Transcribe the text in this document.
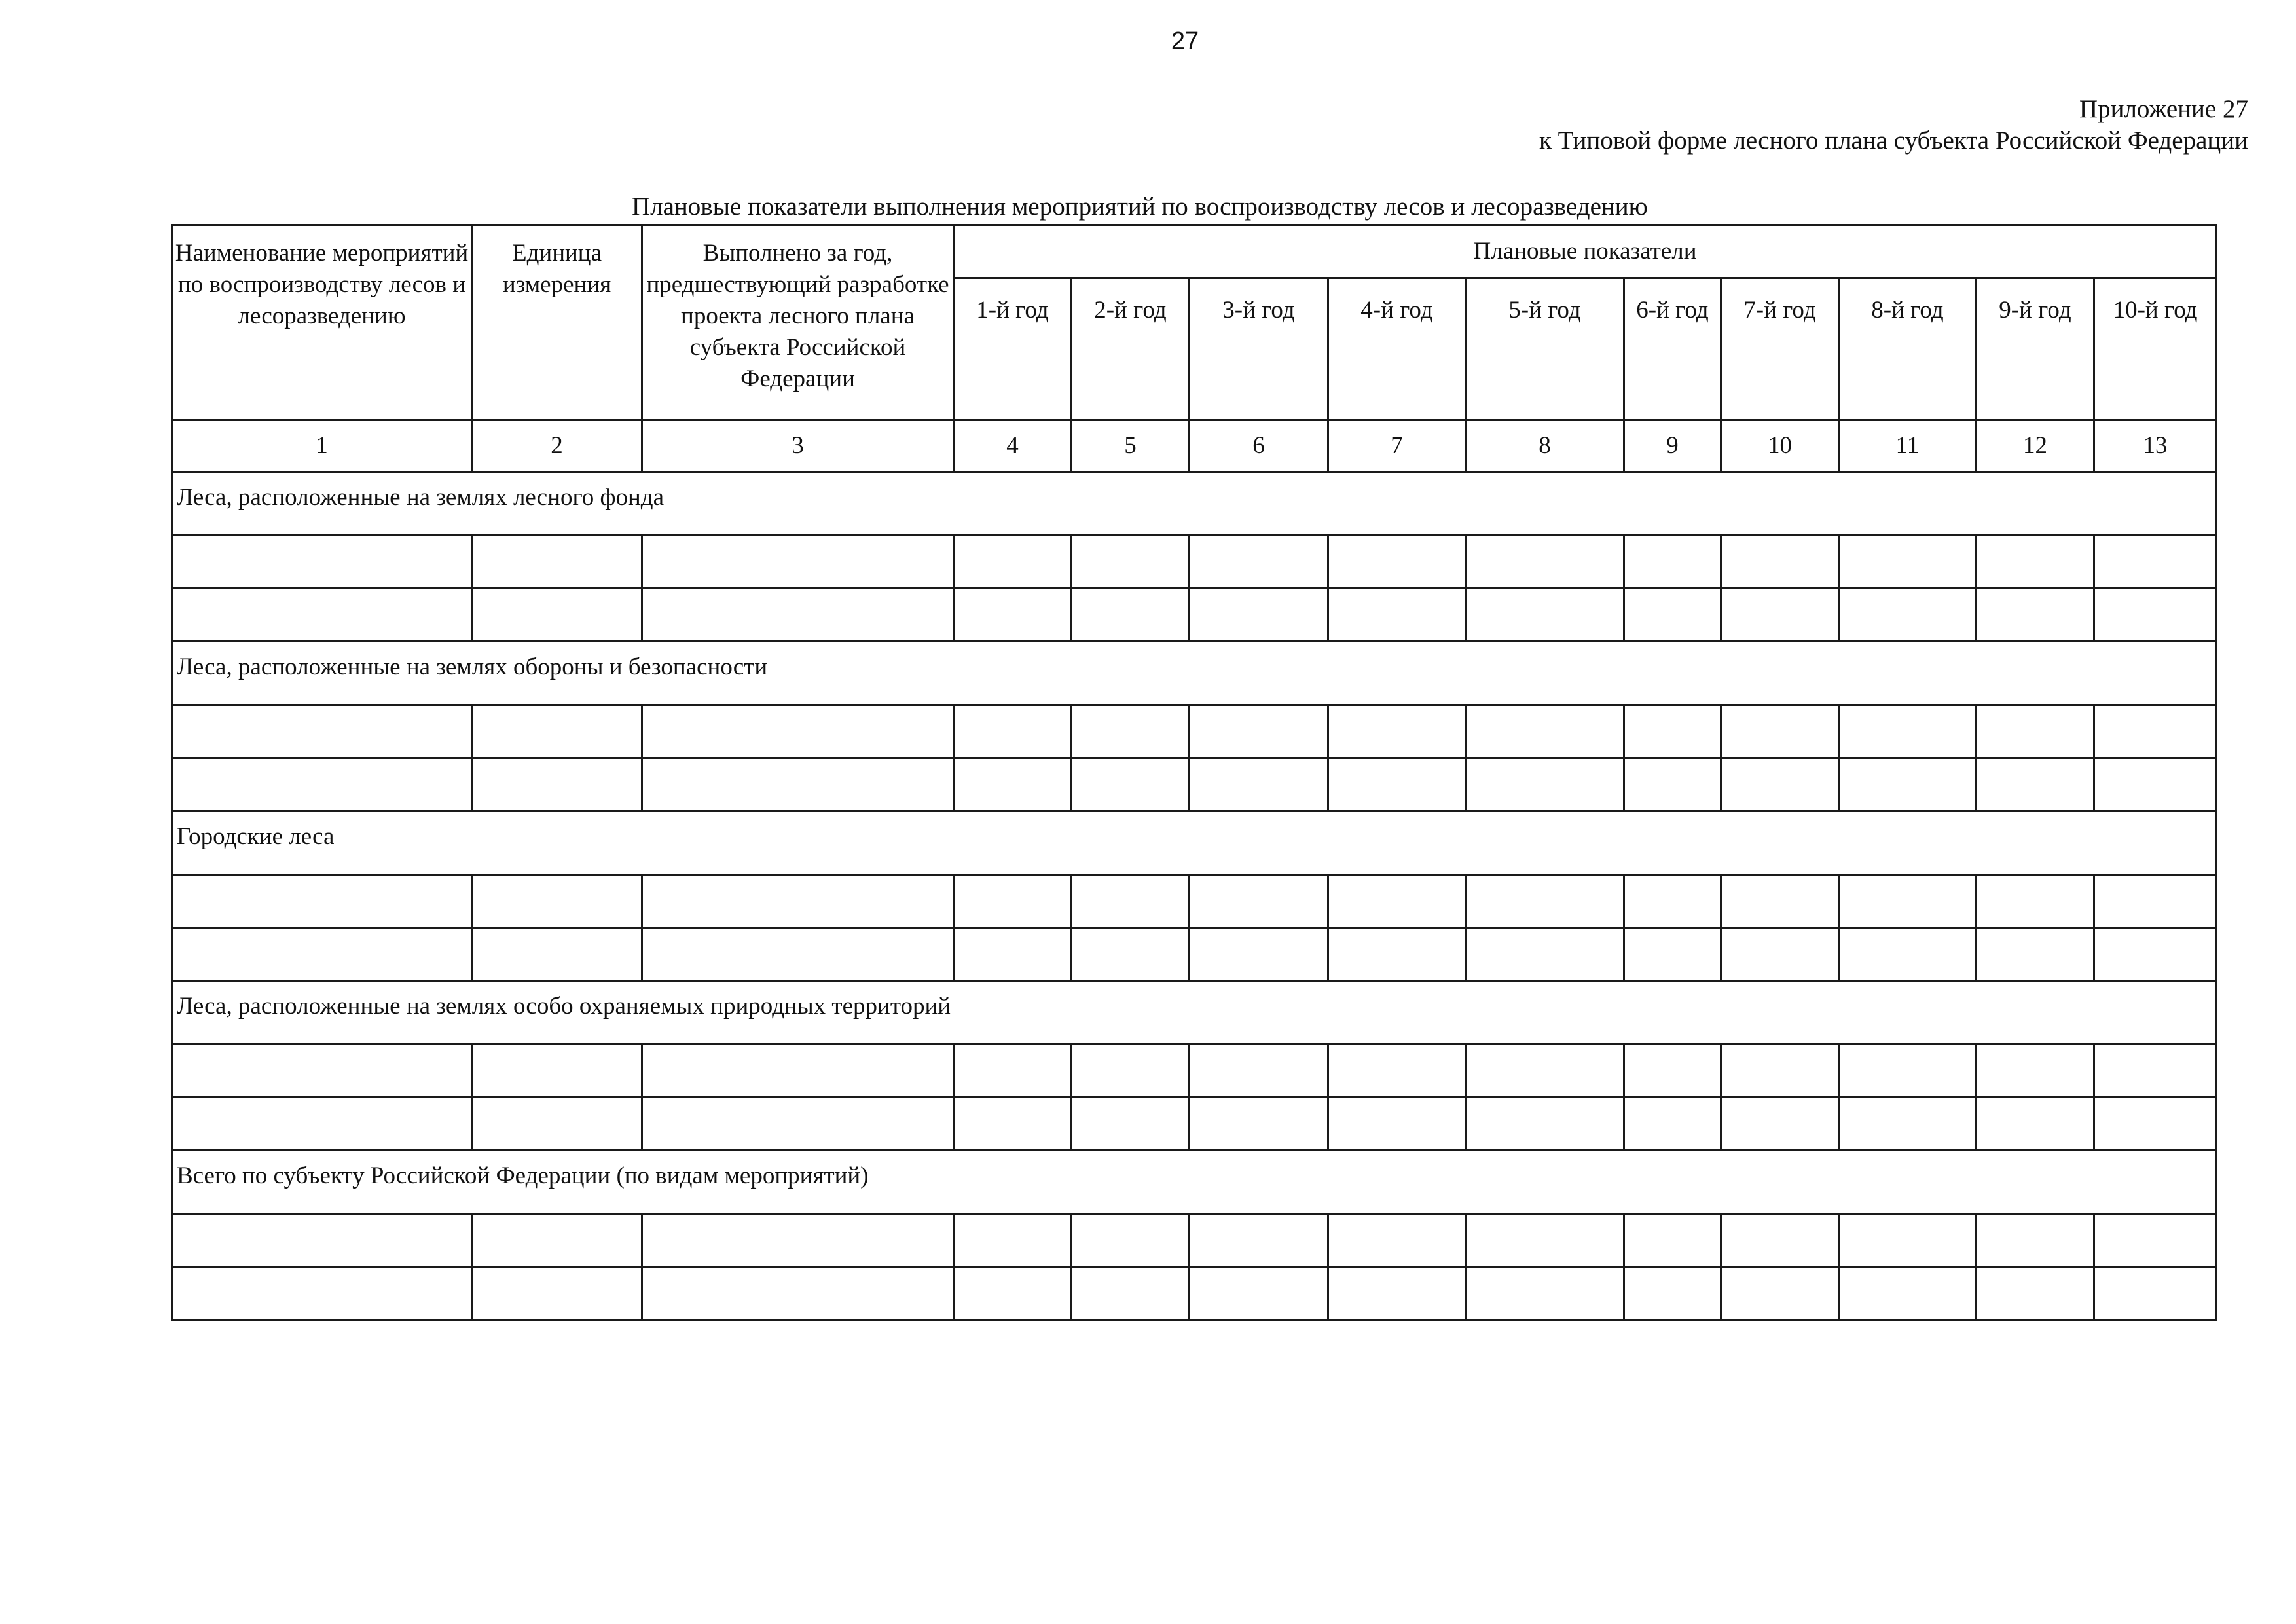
27
Приложение 27
к Типовой форме лесного плана субъекта Российской Федерации
Плановые показатели выполнения мероприятий по воспроизводству лесов и лесоразведению
Наименование мероприятий по воспроизводству лесов и лесоразведению	Единица измерения	Выполнено за год, предшествующий разработке проекта лесного плана субъекта Российской Федерации	Плановые показатели									
			1-й год	2-й год	3-й год	4-й год	5-й год	6-й год	7-й год	8-й год	9-й год	10-й год
1	2	3	4	5	6	7	8	9	10	11	12	13
Леса, расположенные на землях лесного фонда												

Леса, расположенные на землях обороны и безопасности												

Городские леса												

Леса, расположенные на землях особо охраняемых природных территорий												

Всего по субъекту Российской Федерации (по видам мероприятий)												
